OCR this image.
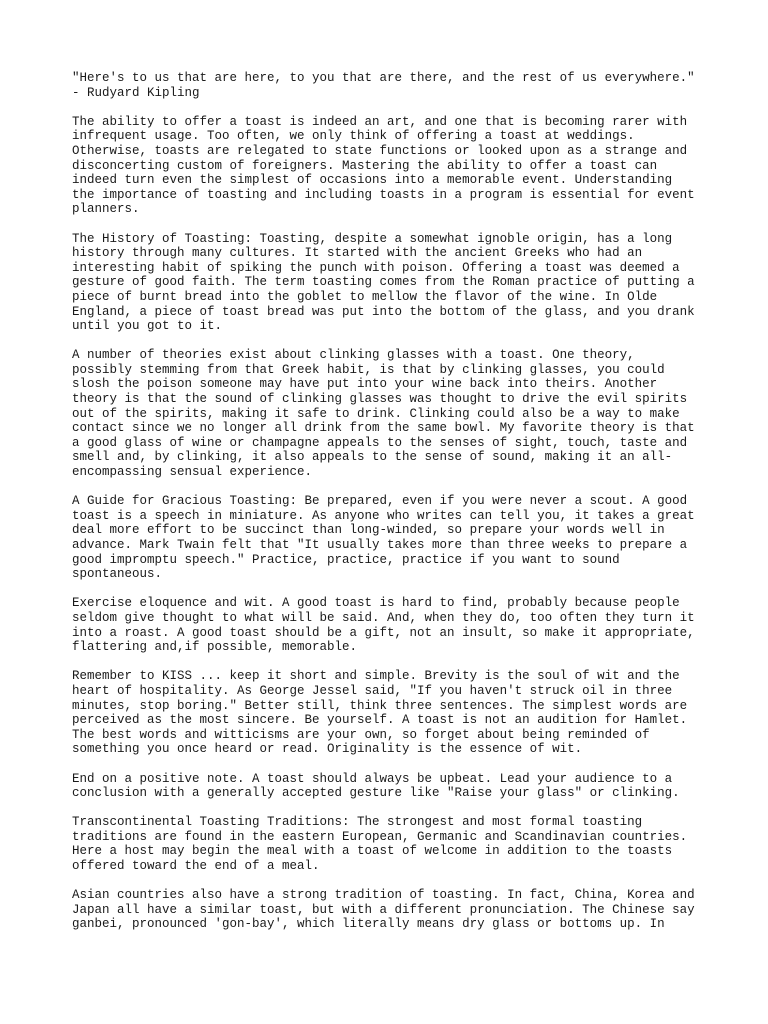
"Here's to us that are here, to you that are there, and the rest of us everywhere."
- Rudyard Kipling

The ability to offer a toast is indeed an art, and one that is becoming rarer with
infrequent usage. Too often, we only think of offering a toast at weddings.
Otherwise, toasts are relegated to state functions or looked upon as a strange and
disconcerting custom of foreigners. Mastering the ability to offer a toast can
indeed turn even the simplest of occasions into a memorable event. Understanding
the importance of toasting and including toasts in a program is essential for event
planners.

The History of Toasting: Toasting, despite a somewhat ignoble origin, has a long
history through many cultures. It started with the ancient Greeks who had an
interesting habit of spiking the punch with poison. Offering a toast was deemed a
gesture of good faith. The term toasting comes from the Roman practice of putting a
piece of burnt bread into the goblet to mellow the flavor of the wine. In Olde
England, a piece of toast bread was put into the bottom of the glass, and you drank
until you got to it.

A number of theories exist about clinking glasses with a toast. One theory,
possibly stemming from that Greek habit, is that by clinking glasses, you could
slosh the poison someone may have put into your wine back into theirs. Another
theory is that the sound of clinking glasses was thought to drive the evil spirits
out of the spirits, making it safe to drink. Clinking could also be a way to make
contact since we no longer all drink from the same bowl. My favorite theory is that
a good glass of wine or champagne appeals to the senses of sight, touch, taste and
smell and, by clinking, it also appeals to the sense of sound, making it an all-
encompassing sensual experience.

A Guide for Gracious Toasting: Be prepared, even if you were never a scout. A good
toast is a speech in miniature. As anyone who writes can tell you, it takes a great
deal more effort to be succinct than long-winded, so prepare your words well in
advance. Mark Twain felt that "It usually takes more than three weeks to prepare a
good impromptu speech." Practice, practice, practice if you want to sound
spontaneous.

Exercise eloquence and wit. A good toast is hard to find, probably because people
seldom give thought to what will be said. And, when they do, too often they turn it
into a roast. A good toast should be a gift, not an insult, so make it appropriate,
flattering and,if possible, memorable.

Remember to KISS ... keep it short and simple. Brevity is the soul of wit and the
heart of hospitality. As George Jessel said, "If you haven't struck oil in three
minutes, stop boring." Better still, think three sentences. The simplest words are
perceived as the most sincere. Be yourself. A toast is not an audition for Hamlet.
The best words and witticisms are your own, so forget about being reminded of
something you once heard or read. Originality is the essence of wit.

End on a positive note. A toast should always be upbeat. Lead your audience to a
conclusion with a generally accepted gesture like "Raise your glass" or clinking.

Transcontinental Toasting Traditions: The strongest and most formal toasting
traditions are found in the eastern European, Germanic and Scandinavian countries.
Here a host may begin the meal with a toast of welcome in addition to the toasts
offered toward the end of a meal.

Asian countries also have a strong tradition of toasting. In fact, China, Korea and
Japan all have a similar toast, but with a different pronunciation. The Chinese say
ganbei, pronounced 'gon-bay', which literally means dry glass or bottoms up. In
